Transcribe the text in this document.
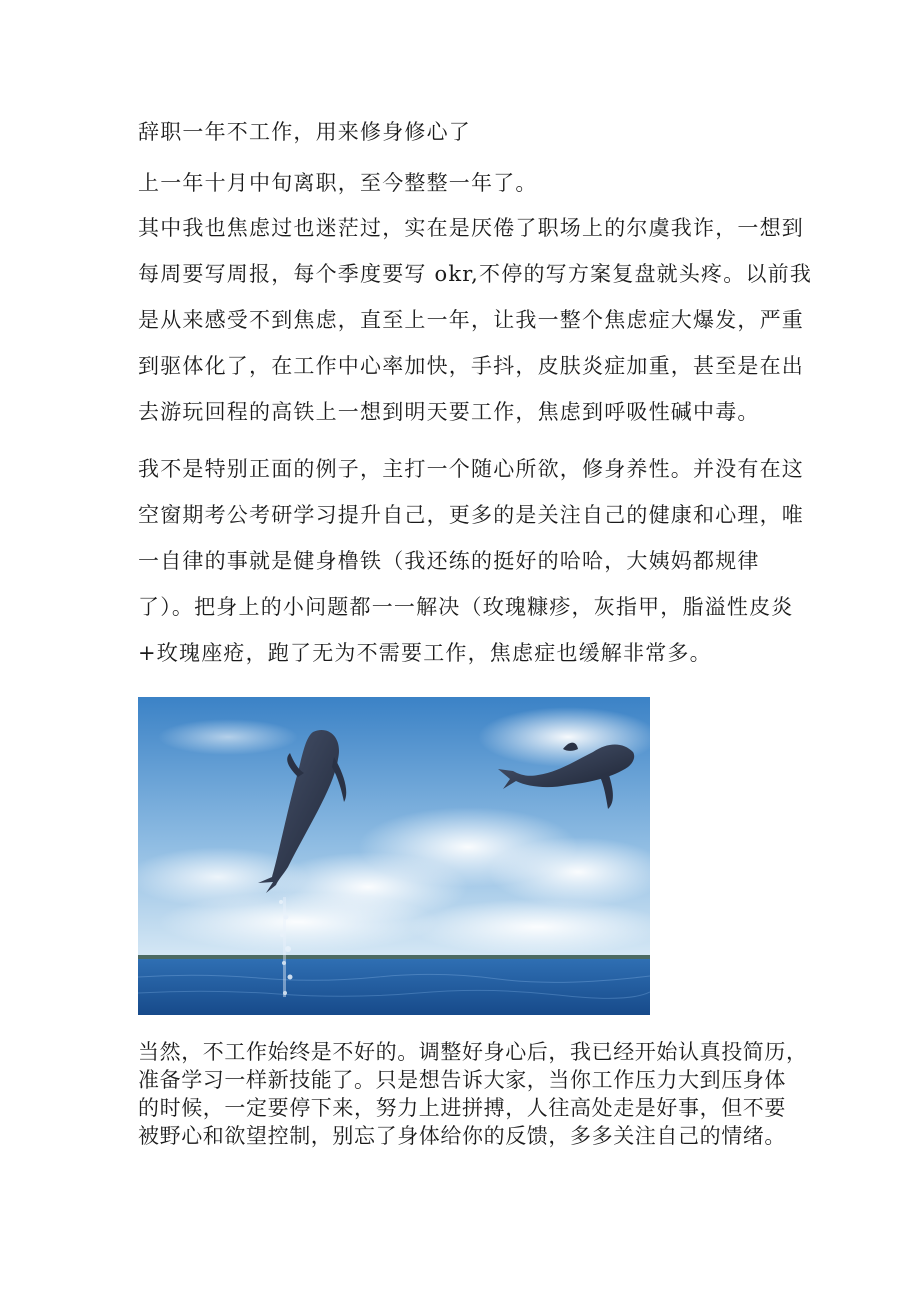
辞职一年不工作，用来修身修心了
上一年十月中旬离职，至今整整一年了。
其中我也焦虑过也迷茫过，实在是厌倦了职场上的尔虞我诈，一想到
每周要写周报，每个季度要写 okr,不停的写方案复盘就头疼。以前我
是从来感受不到焦虑，直至上一年，让我一整个焦虑症大爆发，严重
到驱体化了，在工作中心率加快，手抖，皮肤炎症加重，甚至是在出
去游玩回程的高铁上一想到明天要工作，焦虑到呼吸性碱中毒。
我不是特别正面的例子，主打一个随心所欲，修身养性。并没有在这
空窗期考公考研学习提升自己，更多的是关注自己的健康和心理，唯
一自律的事就是健身橹铁（我还练的挺好的哈哈，大姨妈都规律
了）。把身上的小问题都一一解决（玫瑰糠疹，灰指甲，脂溢性皮炎
+玫瑰座疮，跑了无为不需要工作，焦虑症也缓解非常多。
当然，不工作始终是不好的。调整好身心后，我已经开始认真投简历，
准备学习一样新技能了。只是想告诉大家，当你工作压力大到压身体
的时候，一定要停下来，努力上进拼搏，人往高处走是好事，但不要
被野心和欲望控制，别忘了身体给你的反馈，多多关注自己的情绪。
